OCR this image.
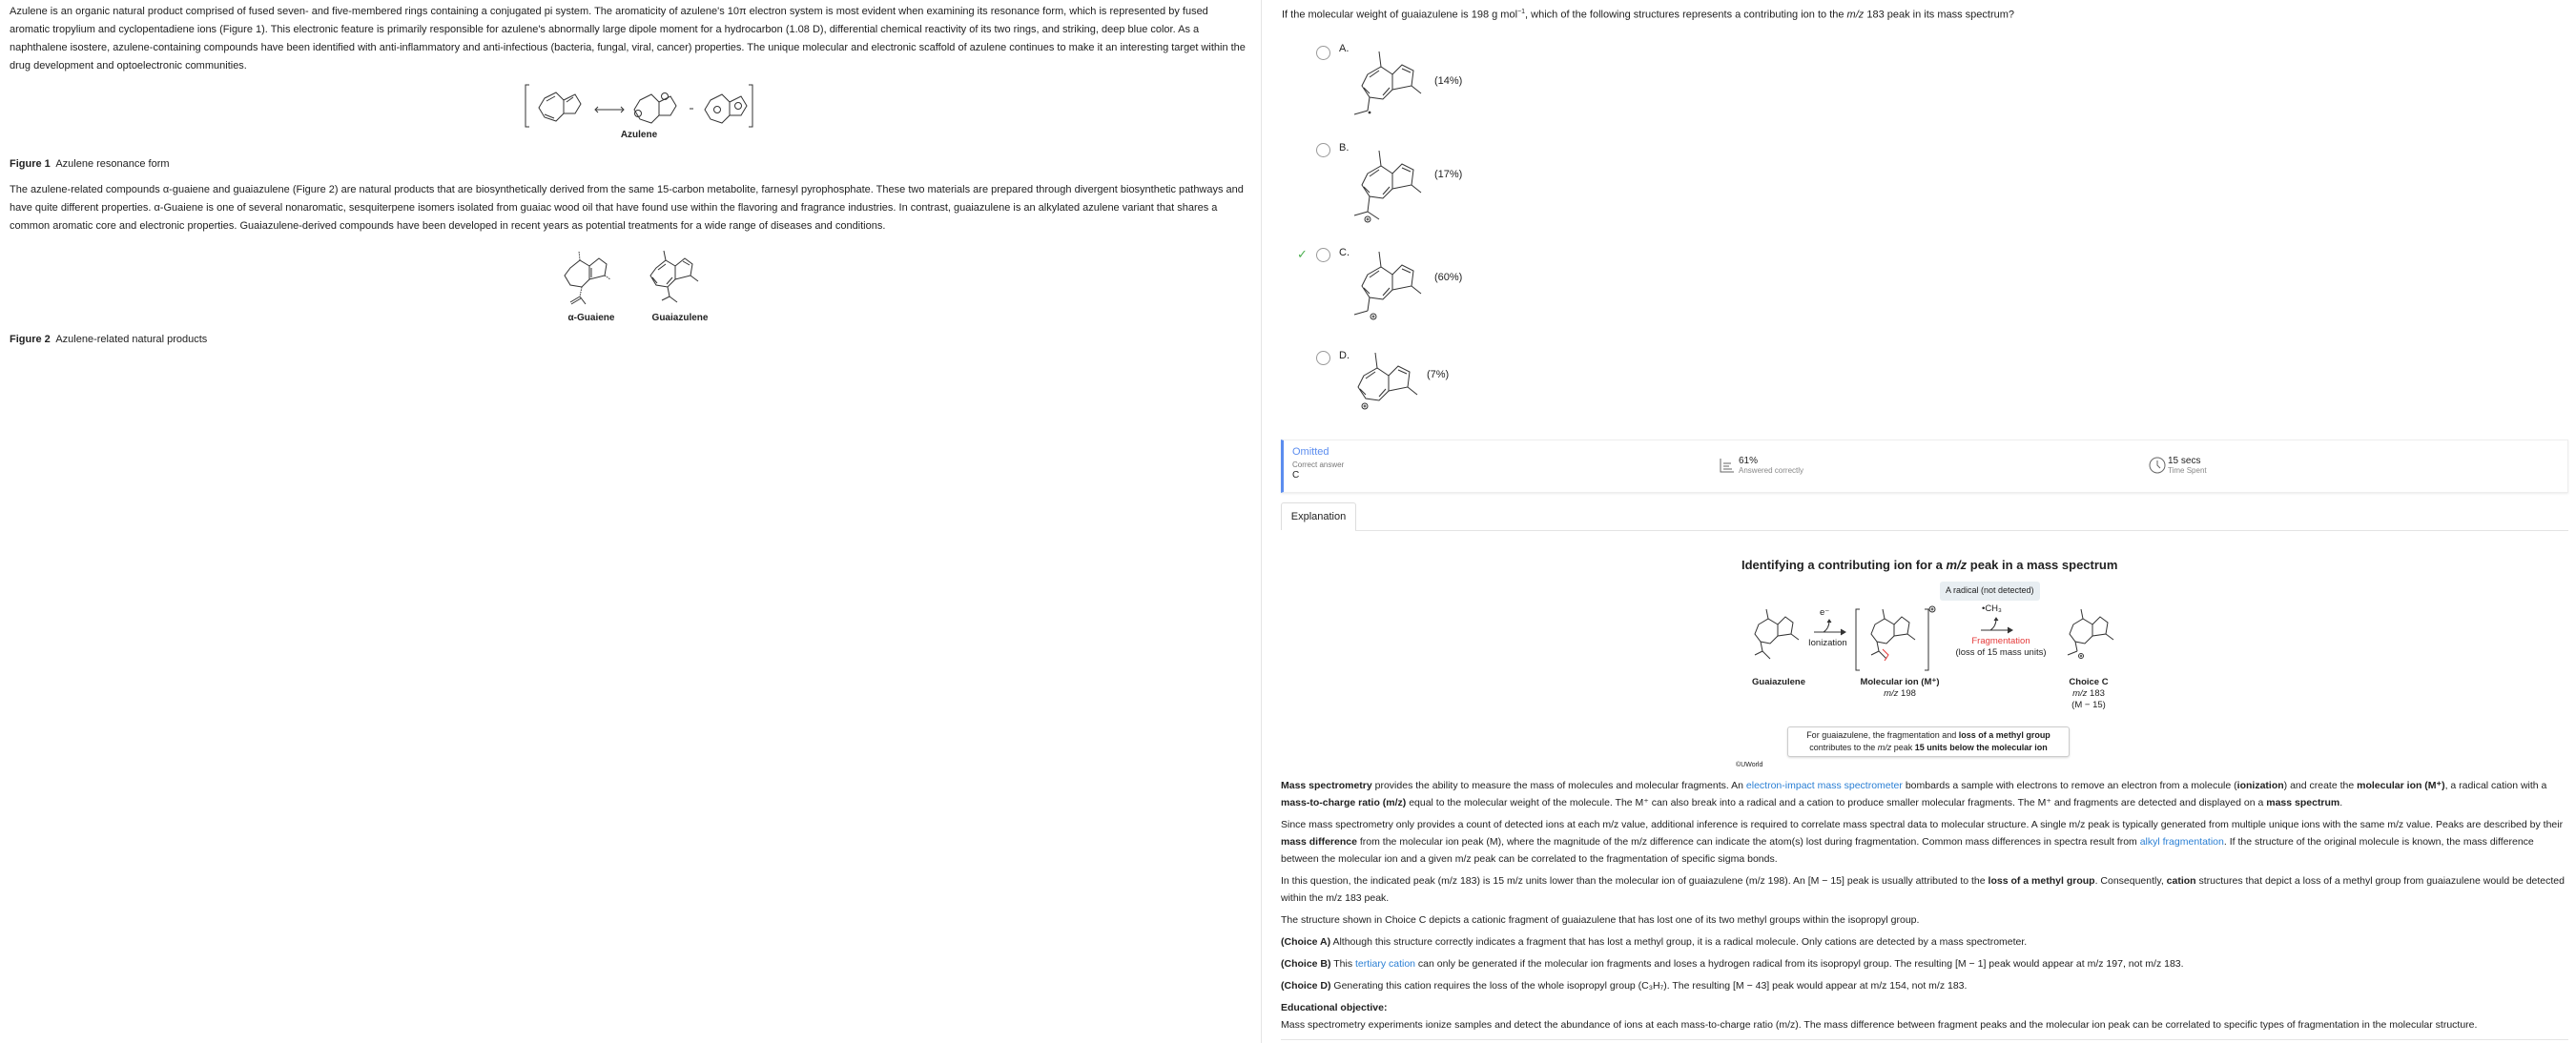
Azulene is an organic natural product comprised of fused seven- and five-membered rings containing a conjugated pi system. The aromaticity of azulene's 10π electron system is most evident when examining its resonance form, which is represented by fused aromatic tropylium and cyclopentadiene ions (Figure 1). This electronic feature is primarily responsible for azulene's abnormally large dipole moment for a hydrocarbon (1.08 D), differential chemical reactivity of its two rings, and striking, deep blue color. As a naphthalene isostere, azulene-containing compounds have been identified with anti-inflammatory and anti-infectious (bacteria, fungal, viral, cancer) properties. The unique molecular and electronic scaffold of azulene continues to make it an interesting target within the drug development and optoelectronic communities.

Azulene
Figure 1 Azulene resonance form

The azulene-related compounds α-guaiene and guaiazulene (Figure 2) are natural products that are biosynthetically derived from the same 15-carbon metabolite, farnesyl pyrophosphate. These two materials are prepared through divergent biosynthetic pathways and have quite different properties. α-Guaiene is one of several nonaromatic, sesquiterpene isomers isolated from guaiac wood oil that have found use within the flavoring and fragrance industries. In contrast, guaiazulene is an alkylated azulene variant that shares a common aromatic core and electronic properties. Guaiazulene-derived compounds have been developed in recent years as potential treatments for a wide range of diseases and conditions.

α-Guaiene	Guaiazulene
Figure 2 Azulene-related natural products
If the molecular weight of guaiazulene is 198 g mol$^{-1}$, which of the following structures represents a contributing ion to the m/z 183 peak in its mass spectrum?
A.
(14%)
B.
(17%)
✓	C.
(60%)
D.
(7%)
Omitted
Correct answer
C
61%
Answered correctly
15 secs
Time Spent
Explanation
Identifying a contributing ion for a m/z peak in a mass spectrum
A radical (not detected)
e⁻
Ionization
•CH₃
Fragmentation
(loss of 15 mass units)
Guaiazulene	Molecular ion (M⁺)
m/z 198
Choice C
m/z 183
(M − 15)
For guaiazulene, the fragmentation and loss of a methyl group
contributes to the m/z peak 15 units below the molecular ion
©UWorld

Mass spectrometry provides the ability to measure the mass of molecules and molecular fragments. An electron-impact mass spectrometer bombards a sample with electrons to remove an electron from a molecule (ionization) and create the molecular ion (M⁺), a radical cation with a mass-to-charge ratio (m/z) equal to the molecular weight of the molecule. The M⁺ can also break into a radical and a cation to produce smaller molecular fragments. The M⁺ and fragments are detected and displayed on a mass spectrum.

Since mass spectrometry only provides a count of detected ions at each m/z value, additional inference is required to correlate mass spectral data to molecular structure. A single m/z peak is typically generated from multiple unique ions with the same m/z value. Peaks are described by their mass difference from the molecular ion peak (M), where the magnitude of the m/z difference can indicate the atom(s) lost during fragmentation. Common mass differences in spectra result from alkyl fragmentation. If the structure of the original molecule is known, the mass difference between the molecular ion and a given m/z peak can be correlated to the fragmentation of specific sigma bonds.

In this question, the indicated peak (m/z 183) is 15 m/z units lower than the molecular ion of guaiazulene (m/z 198). An [M − 15] peak is usually attributed to the loss of a methyl group. Consequently, cation structures that depict a loss of a methyl group from guaiazulene would be detected within the m/z 183 peak.

The structure shown in Choice C depicts a cationic fragment of guaiazulene that has lost one of its two methyl groups within the isopropyl group.

(Choice A) Although this structure correctly indicates a fragment that has lost a methyl group, it is a radical molecule. Only cations are detected by a mass spectrometer.

(Choice B) This tertiary cation can only be generated if the molecular ion fragments and loses a hydrogen radical from its isopropyl group. The resulting [M − 1] peak would appear at m/z 197, not m/z 183.

(Choice D) Generating this cation requires the loss of the whole isopropyl group (C₃H₇). The resulting [M − 43] peak would appear at m/z 154, not m/z 183.

Educational objective:

Mass spectrometry experiments ionize samples and detect the abundance of ions at each mass-to-charge ratio (m/z). The mass difference between fragment peaks and the molecular ion peak can be correlated to specific types of fragmentation in the molecular structure.
